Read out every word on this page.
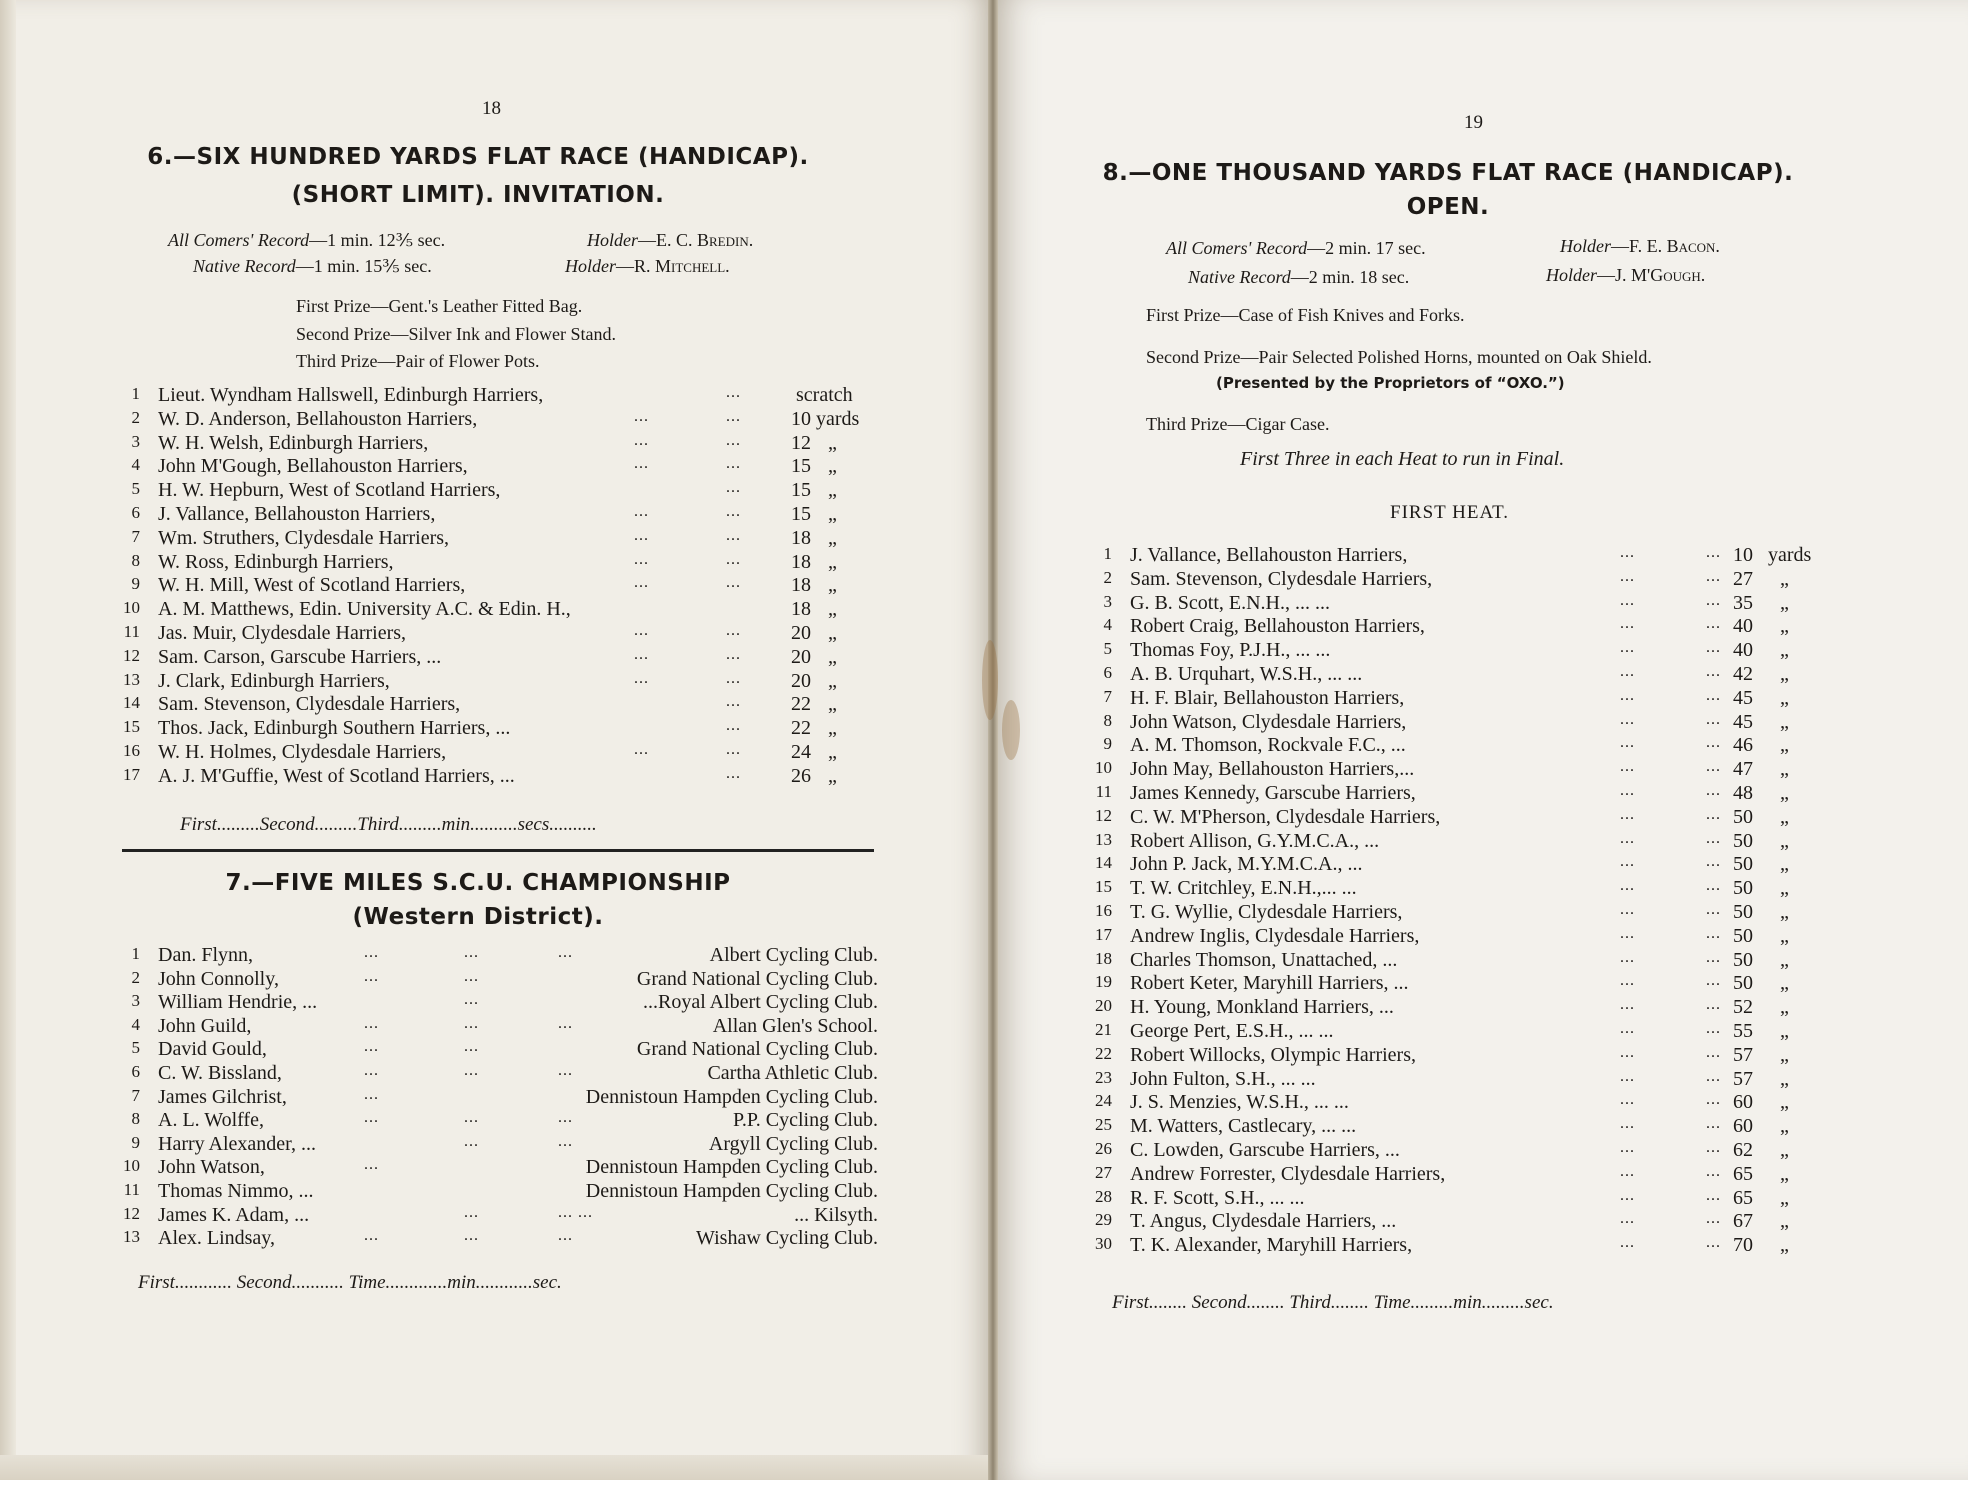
18
6.—SIX HUNDRED YARDS FLAT RACE (HANDICAP).
(SHORT LIMIT). INVITATION.
All Comers' Record—1 min. 12⅗ sec.	Holder—E. C. Bredin.
Native Record—1 min. 15⅗ sec.	Holder—R. Mitchell.
First Prize—Gent.'s Leather Fitted Bag.
Second Prize—Silver Ink and Flower Stand.
Third Prize—Pair of Flower Pots.
1 Lieut. Wyndham Hallswell, Edinburgh Harriers,	...	scratch
2 W. D. Anderson, Bellahouston Harriers,	...	...	10 yards
3 W. H. Welsh, Edinburgh Harriers,	...	...	12 „
4 John M'Gough, Bellahouston Harriers,	...	...	15 „
5 H. W. Hepburn, West of Scotland Harriers,	...	15 „
6 J. Vallance, Bellahouston Harriers,	...	...	15 „
7 Wm. Struthers, Clydesdale Harriers,	...	...	18 „
8 W. Ross, Edinburgh Harriers,	...	...	18 „
9 W. H. Mill, West of Scotland Harriers,	...	...	18 „
10 A. M. Matthews, Edin. University A.C. & Edin. H.,	18 „
11 Jas. Muir, Clydesdale Harriers,	...	...	20 „
12 Sam. Carson, Garscube Harriers, ...	...	...	20 „
13 J. Clark, Edinburgh Harriers,	...	...	20 „
14 Sam. Stevenson, Clydesdale Harriers,	...	22 „
15 Thos. Jack, Edinburgh Southern Harriers, ...	...	22 „
16 W. H. Holmes, Clydesdale Harriers,	...	...	24 „
17 A. J. M'Guffie, West of Scotland Harriers, ...	...	26 „
First.........Second.........Third.........min..........secs..........
7.—FIVE MILES S.C.U. CHAMPIONSHIP
(Western District).
1 Dan. Flynn,	...	...	...	Albert Cycling Club.
2 John Connolly,	...	...	Grand National Cycling Club.
3 William Hendrie, ...	...	...Royal Albert Cycling Club.
4 John Guild,	...	...	...	Allan Glen's School.
5 David Gould,	...	...	Grand National Cycling Club.
6 C. W. Bissland,	...	...	...	Cartha Athletic Club.
7 James Gilchrist,	...	Dennistoun Hampden Cycling Club.
8 A. L. Wolffe,	...	...	...	P.P. Cycling Club.
9 Harry Alexander, ...	...	...	Argyll Cycling Club.
10 John Watson,	...	Dennistoun Hampden Cycling Club.
11 Thomas Nimmo, ...	Dennistoun Hampden Cycling Club.
12 James K. Adam, ...	...	... ...	... Kilsyth.
13 Alex. Lindsay,	...	...	...	Wishaw Cycling Club.
First............ Second........... Time.............min............sec.
19
8.—ONE THOUSAND YARDS FLAT RACE (HANDICAP).
OPEN.
All Comers' Record—2 min. 17 sec.	Holder—F. E. Bacon.
Native Record—2 min. 18 sec.	Holder—J. M'Gough.
First Prize—Case of Fish Knives and Forks.
Second Prize—Pair Selected Polished Horns, mounted on Oak Shield.
(Presented by the Proprietors of “OXO.”)
Third Prize—Cigar Case.
First Three in each Heat to run in Final.
FIRST HEAT.
1 J. Vallance, Bellahouston Harriers,	...	... 10 yards
2 Sam. Stevenson, Clydesdale Harriers,	...	... 27 „
3 G. B. Scott, E.N.H., ... ...	...	... 35 „
4 Robert Craig, Bellahouston Harriers,	...	... 40 „
5 Thomas Foy, P.J.H., ... ...	...	... 40 „
6 A. B. Urquhart, W.S.H., ... ...	...	... 42 „
7 H. F. Blair, Bellahouston Harriers,	...	... 45 „
8 John Watson, Clydesdale Harriers,	...	... 45 „
9 A. M. Thomson, Rockvale F.C., ...	...	... 46 „
10 John May, Bellahouston Harriers,...	...	... 47 „
11 James Kennedy, Garscube Harriers,	...	... 48 „
12 C. W. M'Pherson, Clydesdale Harriers,	...	... 50 „
13 Robert Allison, G.Y.M.C.A., ...	...	... 50 „
14 John P. Jack, M.Y.M.C.A., ...	...	... 50 „
15 T. W. Critchley, E.N.H.,... ...	...	... 50 „
16 T. G. Wyllie, Clydesdale Harriers,	...	... 50 „
17 Andrew Inglis, Clydesdale Harriers,	...	... 50 „
18 Charles Thomson, Unattached, ...	...	... 50 „
19 Robert Keter, Maryhill Harriers, ...	...	... 50 „
20 H. Young, Monkland Harriers, ...	...	... 52 „
21 George Pert, E.S.H., ... ...	...	... 55 „
22 Robert Willocks, Olympic Harriers,	...	... 57 „
23 John Fulton, S.H., ... ...	...	... 57 „
24 J. S. Menzies, W.S.H., ... ...	...	... 60 „
25 M. Watters, Castlecary, ... ...	...	... 60 „
26 C. Lowden, Garscube Harriers, ...	...	... 62 „
27 Andrew Forrester, Clydesdale Harriers,	...	... 65 „
28 R. F. Scott, S.H., ... ...	...	... 65 „
29 T. Angus, Clydesdale Harriers, ...	...	... 67 „
30 T. K. Alexander, Maryhill Harriers,	...	... 70 „
First........ Second........ Third........ Time.........min.........sec.
